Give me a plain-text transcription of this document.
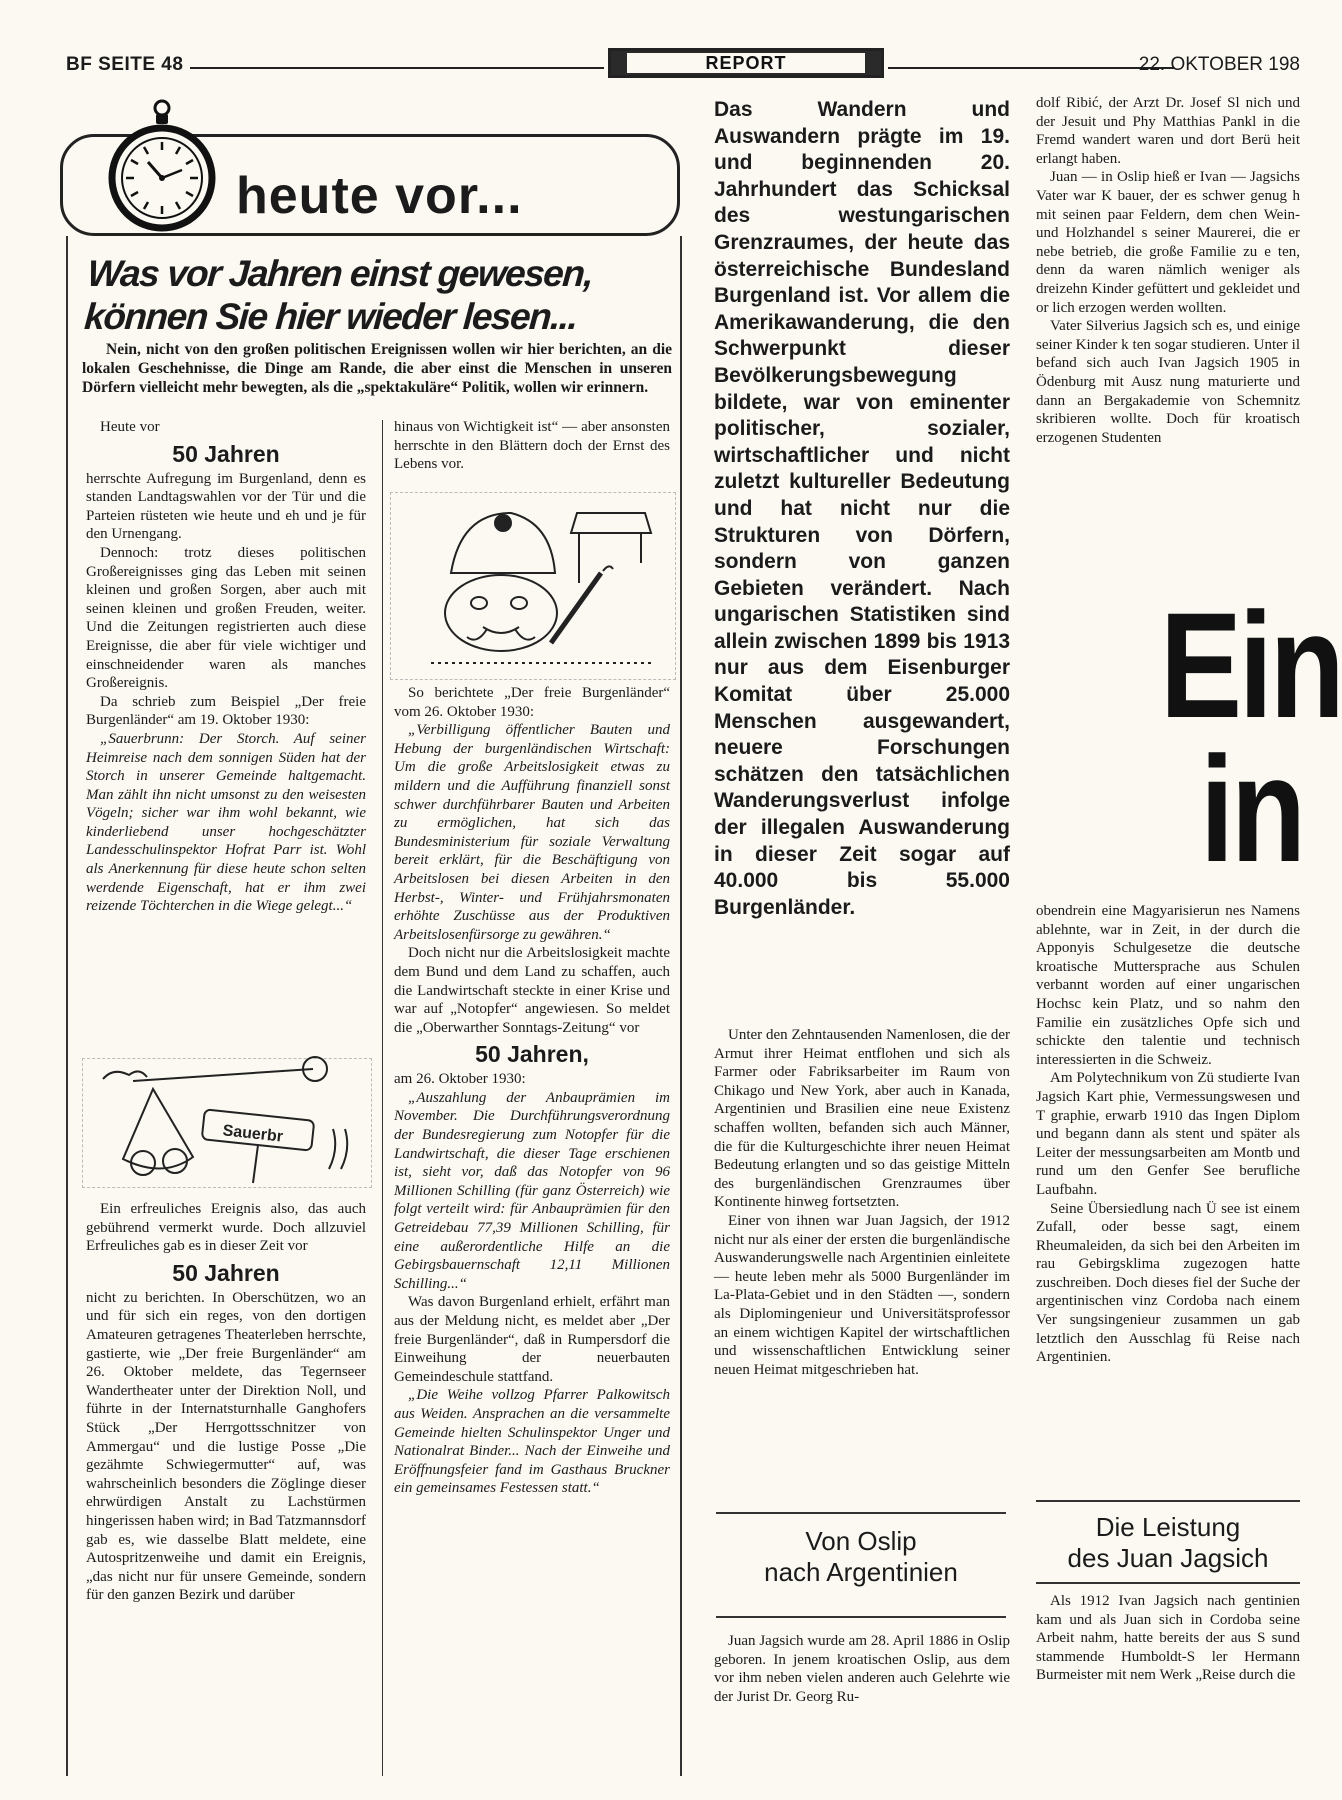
BF SEITE 48	REPORT	22. OKTOBER 198
heute vor...
Was vor Jahren einst gewesen,
können Sie hier wieder lesen...

Nein, nicht von den großen politischen Ereignissen wollen wir hier berichten, an die lokalen Geschehnisse, die Dinge am Rande, die aber einst die Menschen in unseren Dörfern vielleicht mehr bewegten, als die „spektakuläre“ Politik, wollen wir erinnern.

Heute vor

50 Jahren

herrschte Aufregung im Burgenland, denn es standen Landtagswahlen vor der Tür und die Parteien rüsteten wie heute und eh und je für den Urnengang.

Dennoch: trotz dieses politischen Großereignisses ging das Leben mit seinen kleinen und großen Sorgen, aber auch mit seinen kleinen und großen Freuden, weiter. Und die Zeitungen registrierten auch diese Ereignisse, die aber für viele wichtiger und einschneidender waren als manches Großereignis.

Da schrieb zum Beispiel „Der freie Burgenländer“ am 19. Oktober 1930:

„Sauerbrunn: Der Storch. Auf seiner Heimreise nach dem sonnigen Süden hat der Storch in unserer Gemeinde haltgemacht. Man zählt ihn nicht umsonst zu den weisesten Vögeln; sicher war ihm wohl bekannt, wie kinderliebend unser hochgeschätzter Landesschulinspektor Hofrat Parr ist. Wohl als Anerkennung für diese heute schon selten werdende Eigenschaft, hat er ihm zwei reizende Töchterchen in die Wiege gelegt...“

Sauerbr

Ein erfreuliches Ereignis also, das auch gebührend vermerkt wurde. Doch allzuviel Erfreuliches gab es in dieser Zeit vor

50 Jahren

nicht zu berichten. In Oberschützen, wo an und für sich ein reges, von den dortigen Amateuren getragenes Theaterleben herrschte, gastierte, wie „Der freie Burgenländer“ am 26. Oktober meldete, das Tegernseer Wandertheater unter der Direktion Noll, und führte in der Internatsturnhalle Ganghofers Stück „Der Herrgottsschnitzer von Ammergau“ und die lustige Posse „Die gezähmte Schwiegermutter“ auf, was wahrscheinlich besonders die Zöglinge dieser ehrwürdigen Anstalt zu Lachstürmen hingerissen haben wird; in Bad Tatzmannsdorf gab es, wie dasselbe Blatt meldete, eine Autospritzenweihe und damit ein Ereignis, „das nicht nur für unsere Gemeinde, sondern für den ganzen Bezirk und darüber

hinaus von Wichtigkeit ist“ — aber ansonsten herrschte in den Blättern doch der Ernst des Lebens vor.

So berichtete „Der freie Burgenländer“ vom 26. Oktober 1930:

„Verbilligung öffentlicher Bauten und Hebung der burgenländischen Wirtschaft: Um die große Arbeitslosigkeit etwas zu mildern und die Aufführung finanziell sonst schwer durchführbarer Bauten und Arbeiten zu ermöglichen, hat sich das Bundesministerium für soziale Verwaltung bereit erklärt, für die Beschäftigung von Arbeitslosen bei diesen Arbeiten in den Herbst-, Winter- und Frühjahrsmonaten erhöhte Zuschüsse aus der Produktiven Arbeitslosenfürsorge zu gewähren.“

Doch nicht nur die Arbeitslosigkeit machte dem Bund und dem Land zu schaffen, auch die Landwirtschaft steckte in einer Krise und war auf „Notopfer“ angewiesen. So meldet die „Oberwarther Sonntags-Zeitung“ vor

50 Jahren,

am 26. Oktober 1930:

„Auszahlung der Anbauprämien im November. Die Durchführungsverordnung der Bundesregierung zum Notopfer für die Landwirtschaft, die dieser Tage erschienen ist, sieht vor, daß das Notopfer von 96 Millionen Schilling (für ganz Österreich) wie folgt verteilt wird: für Anbauprämien für den Getreidebau 77,39 Millionen Schilling, für eine außerordentliche Hilfe an die Gebirgsbauernschaft 12,11 Millionen Schilling...“

Was davon Burgenland erhielt, erfährt man aus der Meldung nicht, es meldet aber „Der freie Burgenländer“, daß in Rumpersdorf die Einweihung der neuerbauten Gemeindeschule stattfand.

„Die Weihe vollzog Pfarrer Palkowitsch aus Weiden. Ansprachen an die versammelte Gemeinde hielten Schulinspektor Unger und Nationalrat Binder... Nach der Einweihe und Eröffnungsfeier fand im Gasthaus Bruckner ein gemeinsames Festessen statt.“

Das Wandern und Auswandern prägte im 19. und beginnenden 20. Jahrhundert das Schicksal des westungarischen Grenzraumes, der heute das österreichische Bundesland Burgenland ist. Vor allem die Amerikawanderung, die den Schwerpunkt dieser Bevölkerungsbewegung bildete, war von eminenter politischer, sozialer, wirtschaftlicher und nicht zuletzt kultureller Bedeutung und hat nicht nur die Strukturen von Dörfern, sondern von ganzen Gebieten verändert. Nach ungarischen Statistiken sind allein zwischen 1899 bis 1913 nur aus dem Eisenburger Komitat über 25.000 Menschen ausgewandert, neuere Forschungen schätzen den tatsächlichen Wanderungsverlust infolge der illegalen Auswanderung in dieser Zeit sogar auf 40.000 bis 55.000 Burgenländer.

Unter den Zehntausenden Namenlosen, die der Armut ihrer Heimat entflohen und sich als Farmer oder Fabriksarbeiter im Raum von Chikago und New York, aber auch in Kanada, Argentinien und Brasilien eine neue Existenz schaffen wollten, befanden sich auch Männer, die für die Kulturgeschichte ihrer neuen Heimat Bedeutung erlangten und so das geistige Mitteln des burgenländischen Grenzraumes über Kontinente hinweg fortsetzten.

Einer von ihnen war Juan Jagsich, der 1912 nicht nur als einer der ersten die burgenländische Auswanderungswelle nach Argentinien einleitete — heute leben mehr als 5000 Burgenländer im La-Plata-Gebiet und in den Städten —, sondern als Diplomingenieur und Universitätsprofessor an einem wichtigen Kapitel der wirtschaftlichen und wissenschaftlichen Entwicklung seiner neuen Heimat mitgeschrieben hat.

Von Oslip
nach Argentinien

Juan Jagsich wurde am 28. April 1886 in Oslip geboren. In jenem kroatischen Oslip, aus dem vor ihm neben vielen anderen auch Gelehrte wie der Jurist Dr. Georg Ru-

dolf Ribić, der Arzt Dr. Josef Sl nich und der Jesuit und Phy Matthias Pankl in die Fremd wandert waren und dort Berü heit erlangt haben.

Juan — in Oslip hieß er Ivan — Jagsichs Vater war K bauer, der es schwer genug h mit seinen paar Feldern, dem chen Wein- und Holzhandel s seiner Maurerei, die er nebe betrieb, die große Familie zu e ten, denn da waren nämlich weniger als dreizehn Kinder gefüttert und gekleidet und or lich erzogen werden wollten.

Vater Silverius Jagsich sch es, und einige seiner Kinder k ten sogar studieren. Unter il befand sich auch Ivan Jagsich 1905 in Ödenburg mit Ausz nung maturierte und dann an Bergakademie von Schemnitz skribieren wollte. Doch für kroatisch erzogenen Studenten

Ein
in

obendrein eine Magyarisierun nes Namens ablehnte, war in Zeit, in der durch die Apponyis Schulgesetze die deutsche kroatische Muttersprache aus Schulen verbannt worden auf einer ungarischen Hochsc kein Platz, und so nahm den Familie ein zusätzliches Opfe sich und schickte den talentie und technisch interessierten in die Schweiz.

Am Polytechnikum von Zü studierte Ivan Jagsich Kart phie, Vermessungswesen und T graphie, erwarb 1910 das Ingen Diplom und begann dann als stent und später als Leiter der messungsarbeiten am Montb und rund um den Genfer See berufliche Laufbahn.

Seine Übersiedlung nach Ü see ist einem Zufall, oder besse sagt, einem Rheumaleiden, da sich bei den Arbeiten im rau Gebirgsklima zugezogen hatte zuschreiben. Doch dieses fiel der Suche der argentinischen vinz Cordoba nach einem Ver sungsingenieur zusammen un gab letztlich den Ausschlag fü Reise nach Argentinien.

Die Leistung
des Juan Jagsich

Als 1912 Ivan Jagsich nach gentinien kam und als Juan sich in Cordoba seine Arbeit nahm, hatte bereits der aus S sund stammende Humboldt-S ler Hermann Burmeister mit nem Werk „Reise durch die
